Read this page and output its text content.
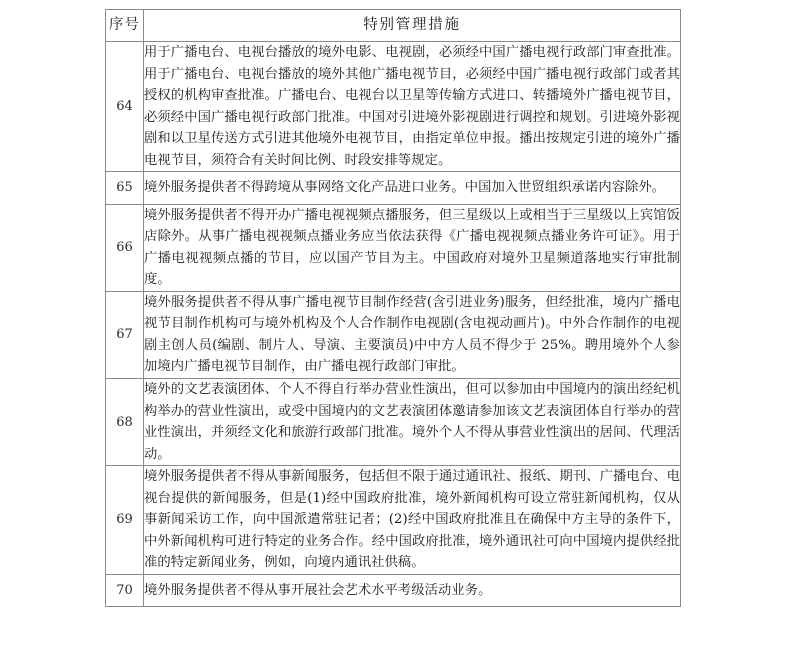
序号	特别管理措施
64	用于广播电台、电视台播放的境外电影、电视剧，必须经中国广播电视行政部门审查批准。用于广播电台、电视台播放的境外其他广播电视节目，必须经中国广播电视行政部门或者其授权的机构审查批准。广播电台、电视台以卫星等传输方式进口、转播境外广播电视节目，必须经中国广播电视行政部门批准。中国对引进境外影视剧进行调控和规划。引进境外影视剧和以卫星传送方式引进其他境外电视节目，由指定单位申报。播出按规定引进的境外广播电视节目，须符合有关时间比例、时段安排等规定。

65	境外服务提供者不得跨境从事网络文化产品进口业务。中国加入世贸组织承诺内容除外。

66	境外服务提供者不得开办广播电视视频点播服务，但三星级以上或相当于三星级以上宾馆饭店除外。从事广播电视视频点播业务应当依法获得《广播电视视频点播业务许可证》。用于广播电视视频点播的节目，应以国产节目为主。中国政府对境外卫星频道落地实行审批制度。

67	境外服务提供者不得从事广播电视节目制作经营(含引进业务)服务，但经批准，境内广播电视节目制作机构可与境外机构及个人合作制作电视剧(含电视动画片)。中外合作制作的电视剧主创人员(编剧、制片人、导演、主要演员)中中方人员不得少于 25%。聘用境外个人参加境内广播电视节目制作，由广播电视行政部门审批。

68	境外的文艺表演团体、个人不得自行举办营业性演出，但可以参加由中国境内的演出经纪机构举办的营业性演出，或受中国境内的文艺表演团体邀请参加该文艺表演团体自行举办的营业性演出，并须经文化和旅游行政部门批准。境外个人不得从事营业性演出的居间、代理活动。

69	境外服务提供者不得从事新闻服务，包括但不限于通过通讯社、报纸、期刊、广播电台、电视台提供的新闻服务，但是(1)经中国政府批准，境外新闻机构可设立常驻新闻机构，仅从事新闻采访工作，向中国派遣常驻记者；(2)经中国政府批准且在确保中方主导的条件下，中外新闻机构可进行特定的业务合作。经中国政府批准，境外通讯社可向中国境内提供经批准的特定新闻业务，例如，向境内通讯社供稿。

70	境外服务提供者不得从事开展社会艺术水平考级活动业务。
